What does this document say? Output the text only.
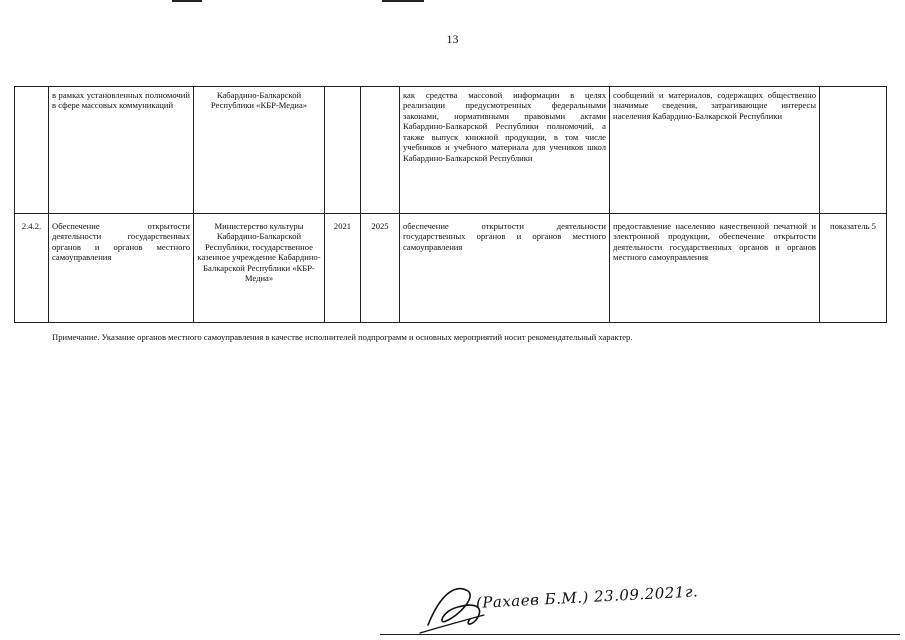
13
	в рамках установленных полномочий в сфере массовых коммуникаций	Кабардино-Балкарской Республики «КБР-Медиа»			как средства массовой информации в целях реализации предусмотренных федеральными законами, нормативными правовыми актами Кабардино-Балкарской Республики полномочий, а также выпуск книжной продукции, в том числе учебников и учебного материала для учеников школ Кабардино-Балкарской Республики	сообщений и материалов, содержащих общественно значимые сведения, затрагивающие интересы населения Кабардино-Балкарской Республики	
2.4.2.	Обеспечение открытости деятельности государственных органов и органов местного самоуправления	Министерство культуры Кабардино-Балкарской Республики, государственное казенное учреждение Кабардино-Балкарской Республики «КБР-Медиа»	2021	2025	обеспечение открытости деятельности государственных органов и органов местного самоуправления	предоставление населению качественной печатной и электронной продукции, обеспечение открытости деятельности государственных органов и органов местного самоуправления	показатель 5
Примечание. Указание органов местного самоуправления в качестве исполнителей подпрограмм и основных мероприятий носит рекомендательный характер.
(Рахаев Б.М.) 23.09.2021г.
